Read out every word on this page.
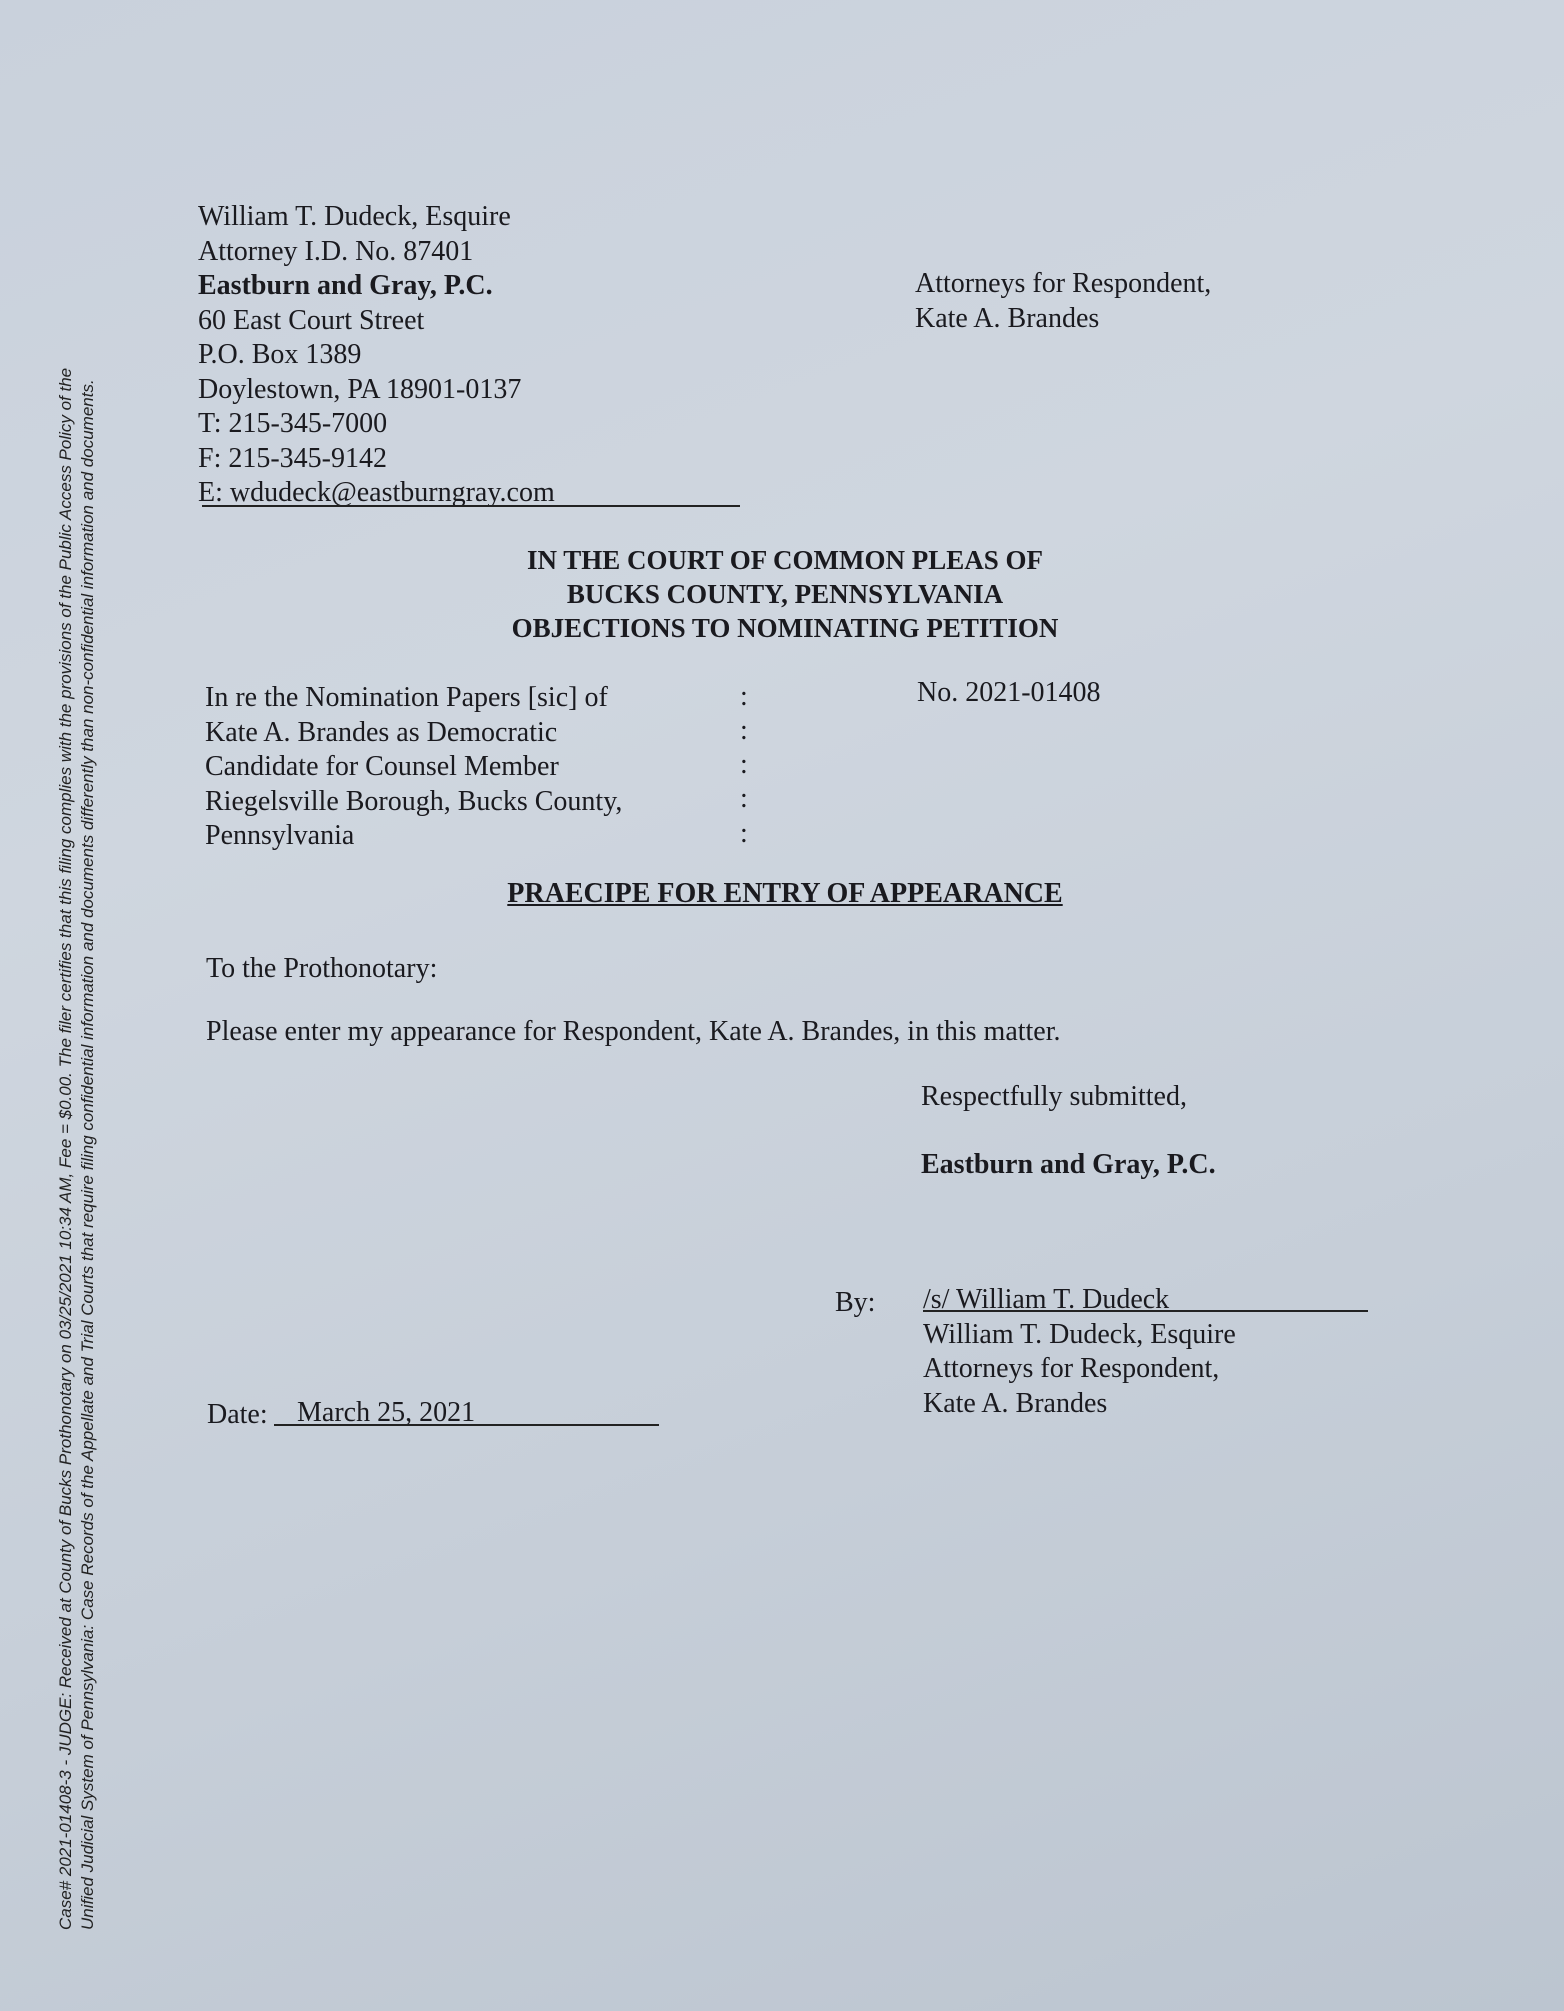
Case# 2021-01408-3 - JUDGE: Received at County of Bucks Prothonotary on 03/25/2021 10:34 AM, Fee = $0.00. The filer certifies that this filing complies with the provisions of the Public Access Policy of the Unified Judicial System of Pennsylvania: Case Records of the Appellate and Trial Courts that require filing confidential information and documents differently than non-confidential information and documents.
William T. Dudeck, Esquire
Attorney I.D. No. 87401
Eastburn and Gray, P.C.
60 East Court Street
P.O. Box 1389
Doylestown, PA 18901-0137
T: 215-345-7000
F: 215-345-9142
E: wdudeck@eastburngray.com
Attorneys for Respondent,
Kate A. Brandes
IN THE COURT OF COMMON PLEAS OF
BUCKS COUNTY, PENNSYLVANIA
OBJECTIONS TO NOMINATING PETITION
In re the Nomination Papers [sic] of
Kate A. Brandes as Democratic
Candidate for Counsel Member
Riegelsville Borough, Bucks County,
Pennsylvania
:
:
:
:
:
No. 2021-01408
PRAECIPE FOR ENTRY OF APPEARANCE
To the Prothonotary:
Please enter my appearance for Respondent, Kate A. Brandes, in this matter.
Respectfully submitted,
Eastburn and Gray, P.C.
By: /s/ William T. Dudeck
William T. Dudeck, Esquire
Attorneys for Respondent,
Kate A. Brandes
Date: March 25, 2021
